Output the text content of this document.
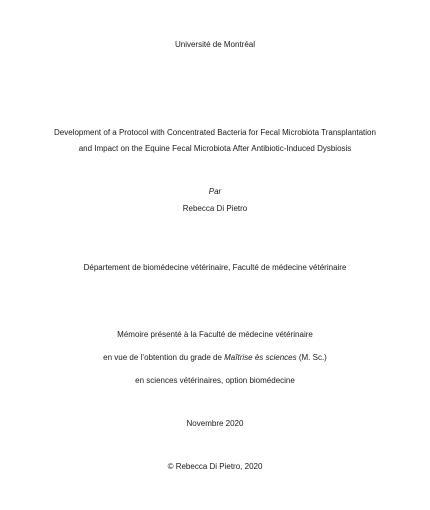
Université de Montréal
Development of a Protocol with Concentrated Bacteria for Fecal Microbiota Transplantation
and Impact on the Equine Fecal Microbiota After Antibiotic-Induced Dysbiosis
Par
Rebecca Di Pietro
Département de biomédecine vétérinaire, Faculté de médecine vétérinaire
Mémoire présenté à la Faculté de médecine vétérinaire
en vue de l’obtention du grade de Maîtrise ès sciences (M. Sc.)
en sciences vétérinaires, option biomédecine
Novembre 2020
© Rebecca Di Pietro, 2020
